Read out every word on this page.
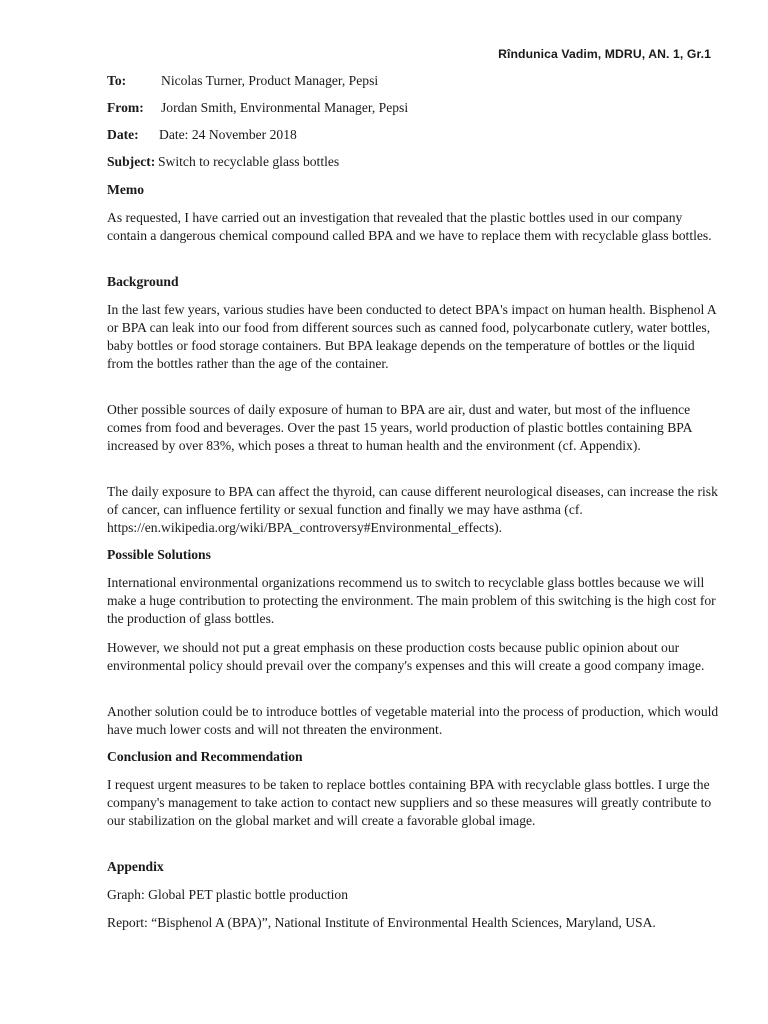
Rîndunica Vadim, MDRU, AN. 1, Gr.1
To:	Nicolas Turner, Product Manager, Pepsi
From: Jordan Smith, Environmental Manager, Pepsi
Date: Date: 24 November 2018
Subject: Switch to recyclable glass bottles
Memo

As requested, I have carried out an investigation that revealed that the plastic bottles used in our company contain a dangerous chemical compound called BPA and we have to replace them with recyclable glass bottles.

Background

In the last few years, various studies have been conducted to detect BPA's impact on human health. Bisphenol A or BPA can leak into our food from different sources such as canned food, polycarbonate cutlery, water bottles, baby bottles or food storage containers. But BPA leakage depends on the temperature of bottles or the liquid from the bottles rather than the age of the container.

Other possible sources of daily exposure of human to BPA are air, dust and water, but most of the influence comes from food and beverages. Over the past 15 years, world production of plastic bottles containing BPA increased by over 83%, which poses a threat to human health and the environment (cf. Appendix).

The daily exposure to BPA can affect the thyroid, can cause different neurological diseases, can increase the risk of cancer, can influence fertility or sexual function and finally we may have asthma (cf. https://en.wikipedia.org/wiki/BPA_controversy#Environmental_effects).

Possible Solutions

International environmental organizations recommend us to switch to recyclable glass bottles because we will make a huge contribution to protecting the environment. The main problem of this switching is the high cost for the production of glass bottles.

However, we should not put a great emphasis on these production costs because public opinion about our environmental policy should prevail over the company's expenses and this will create a good company image.

Another solution could be to introduce bottles of vegetable material into the process of production, which would have much lower costs and will not threaten the environment.

Conclusion and Recommendation

I request urgent measures to be taken to replace bottles containing BPA with recyclable glass bottles. I urge the company's management to take action to contact new suppliers and so these measures will greatly contribute to our stabilization on the global market and will create a favorable global image.

Appendix

Graph: Global PET plastic bottle production

Report: “Bisphenol A (BPA)”, National Institute of Environmental Health Sciences, Maryland, USA.
